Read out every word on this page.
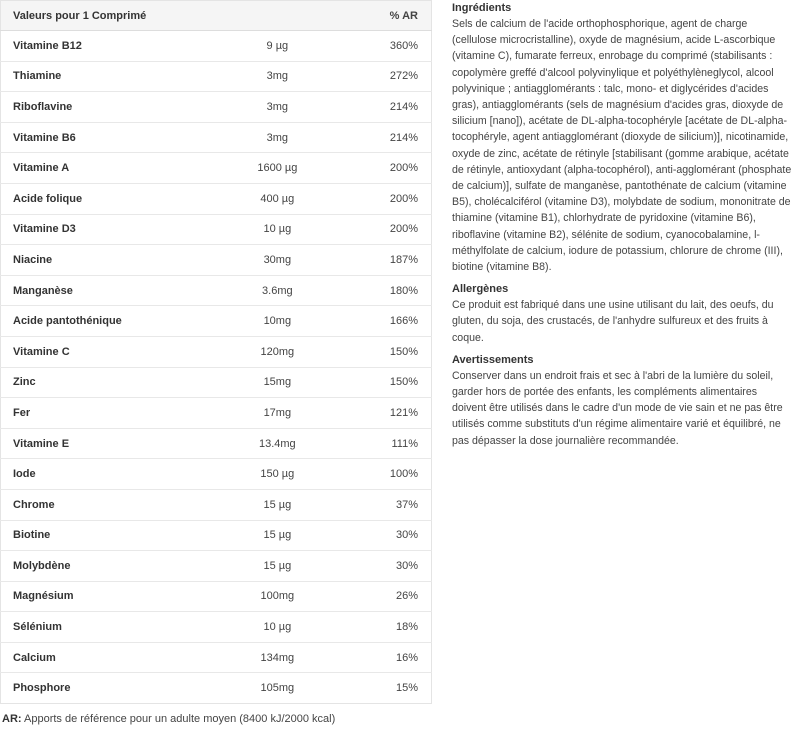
Valeurs pour 1 Comprimé		% AR
Vitamine B12	9 µg	360%
Thiamine	3mg	272%
Riboflavine	3mg	214%
Vitamine B6	3mg	214%
Vitamine A	1600 µg	200%
Acide folique	400 µg	200%
Vitamine D3	10 µg	200%
Niacine	30mg	187%
Manganèse	3.6mg	180%
Acide pantothénique	10mg	166%
Vitamine C	120mg	150%
Zinc	15mg	150%
Fer	17mg	121%
Vitamine E	13.4mg	111%
Iode	150 µg	100%
Chrome	15 µg	37%
Biotine	15 µg	30%
Molybdène	15 µg	30%
Magnésium	100mg	26%
Sélénium	10 µg	18%
Calcium	134mg	16%
Phosphore	105mg	15%
AR: Apports de référence pour un adulte moyen (8400 kJ/2000 kcal)
Ingrédients

Sels de calcium de l'acide orthophosphorique, agent de charge (cellulose microcristalline), oxyde de magnésium, acide L-ascorbique (vitamine C), fumarate ferreux, enrobage du comprimé (stabilisants : copolymère greffé d'alcool polyvinylique et polyéthylèneglycol, alcool polyvinique ; antiagglomérants : talc, mono- et diglycérides d'acides gras), antiagglomérants (sels de magnésium d'acides gras, dioxyde de silicium [nano]), acétate de DL-alpha-tocophéryle [acétate de DL-alpha-tocophéryle, agent antiagglomérant (dioxyde de silicium)], nicotinamide, oxyde de zinc, acétate de rétinyle [stabilisant (gomme arabique, acétate de rétinyle, antioxydant (alpha-tocophérol), anti-agglomérant (phosphate de calcium)], sulfate de manganèse, pantothénate de calcium (vitamine B5), cholécalciférol (vitamine D3), molybdate de sodium, mononitrate de thiamine (vitamine B1), chlorhydrate de pyridoxine (vitamine B6), riboflavine (vitamine B2), sélénite de sodium, cyanocobalamine, l-méthylfolate de calcium, iodure de potassium, chlorure de chrome (III), biotine (vitamine B8).

Allergènes

Ce produit est fabriqué dans une usine utilisant du lait, des oeufs, du gluten, du soja, des crustacés, de l'anhydre sulfureux et des fruits à coque.

Avertissements

Conserver dans un endroit frais et sec à l'abri de la lumière du soleil, garder hors de portée des enfants, les compléments alimentaires doivent être utilisés dans le cadre d'un mode de vie sain et ne pas être utilisés comme substituts d'un régime alimentaire varié et équilibré, ne pas dépasser la dose journalière recommandée.
